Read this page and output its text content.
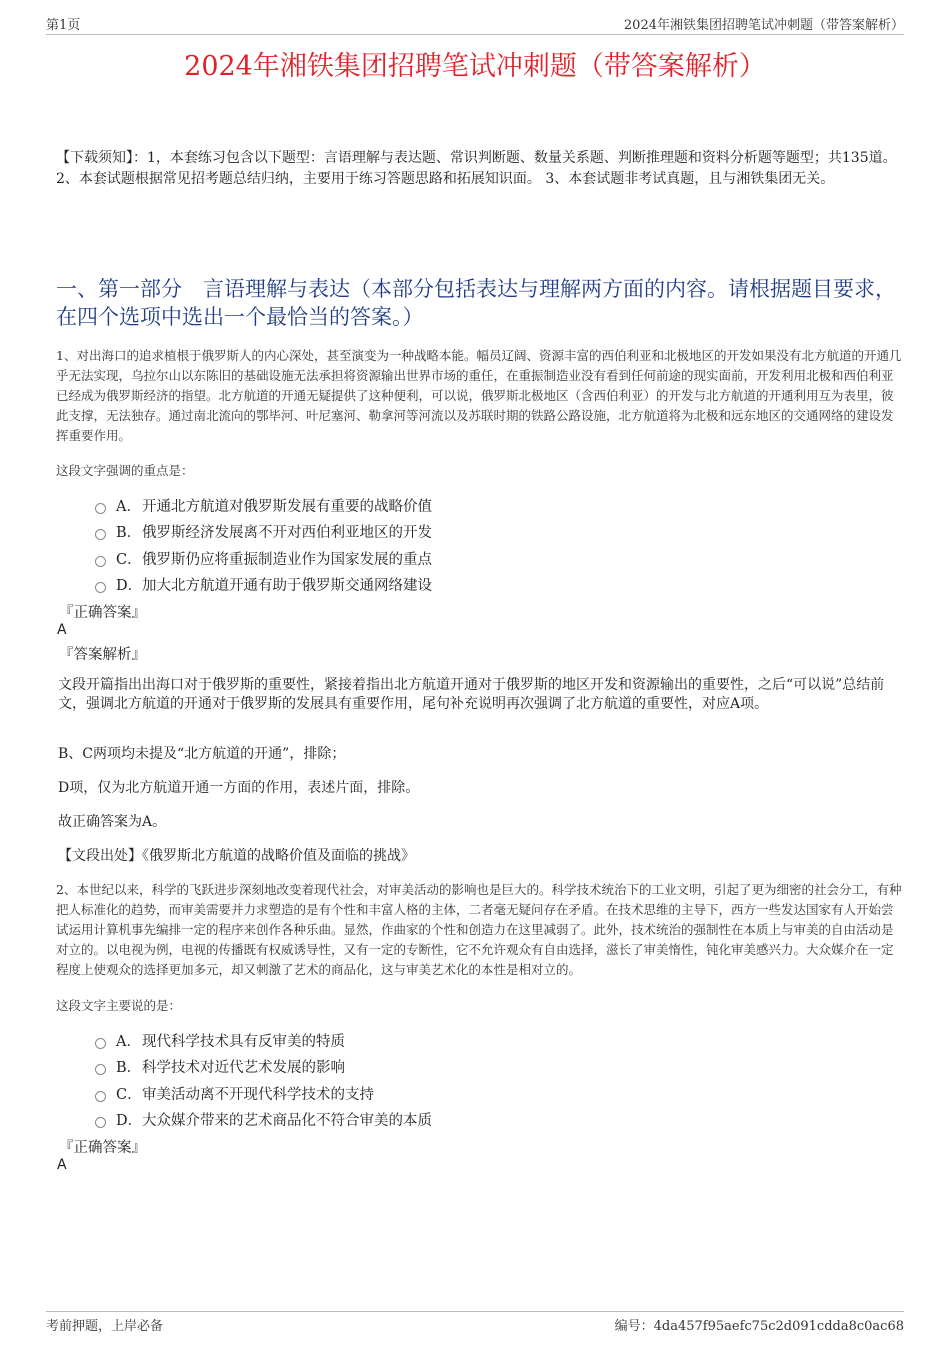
第1页	2024年湘铁集团招聘笔试冲刺题（带答案解析）
2024年湘铁集团招聘笔试冲刺题（带答案解析）
【下载须知】：1，本套练习包含以下题型：言语理解与表达题、常识判断题、数量关系题、判断推理题和资料分析题等题型；共135道。 2、本套试题根据常见招考题总结归纳，主要用于练习答题思路和拓展知识面。 3、本套试题非考试真题，且与湘铁集团无关。
一、第一部分　言语理解与表达（本部分包括表达与理解两方面的内容。请根据题目要求，在四个选项中选出一个最恰当的答案。）
1、对出海口的追求植根于俄罗斯人的内心深处，甚至演变为一种战略本能。幅员辽阔、资源丰富的西伯利亚和北极地区的开发如果没有北方航道的开通几乎无法实现，乌拉尔山以东陈旧的基础设施无法承担将资源输出世界市场的重任，在重振制造业没有看到任何前途的现实面前，开发利用北极和西伯利亚已经成为俄罗斯经济的指望。北方航道的开通无疑提供了这种便利，可以说，俄罗斯北极地区（含西伯利亚）的开发与北方航道的开通利用互为表里，彼此支撑，无法独存。通过南北流向的鄂毕河、叶尼塞河、勒拿河等河流以及苏联时期的铁路公路设施，北方航道将为北极和远东地区的交通网络的建设发挥重要作用。
这段文字强调的重点是：
A． 开通北方航道对俄罗斯发展有重要的战略价值
B． 俄罗斯经济发展离不开对西伯利亚地区的开发
C． 俄罗斯仍应将重振制造业作为国家发展的重点
D． 加大北方航道开通有助于俄罗斯交通网络建设
『正确答案』
A
『答案解析』
文段开篇指出出海口对于俄罗斯的重要性，紧接着指出北方航道开通对于俄罗斯的地区开发和资源输出的重要性，之后“可以说”总结前文，强调北方航道的开通对于俄罗斯的发展具有重要作用，尾句补充说明再次强调了北方航道的重要性，对应A项。
B、C两项均未提及“北方航道的开通”，排除；
D项，仅为北方航道开通一方面的作用，表述片面，排除。
故正确答案为A。
【文段出处】《俄罗斯北方航道的战略价值及面临的挑战》
2、本世纪以来，科学的飞跃进步深刻地改变着现代社会，对审美活动的影响也是巨大的。科学技术统治下的工业文明，引起了更为细密的社会分工，有种把人标准化的趋势，而审美需要并力求塑造的是有个性和丰富人格的主体，二者毫无疑问存在矛盾。在技术思维的主导下，西方一些发达国家有人开始尝试运用计算机事先编排一定的程序来创作各种乐曲。显然，作曲家的个性和创造力在这里减弱了。此外，技术统治的强制性在本质上与审美的自由活动是对立的。以电视为例，电视的传播既有权威诱导性，又有一定的专断性，它不允许观众有自由选择，滋长了审美惰性，钝化审美感兴力。大众媒介在一定程度上使观众的选择更加多元，却又刺激了艺术的商品化，这与审美艺术化的本性是相对立的。
这段文字主要说的是：
A． 现代科学技术具有反审美的特质
B． 科学技术对近代艺术发展的影响
C． 审美活动离不开现代科学技术的支持
D． 大众媒介带来的艺术商品化不符合审美的本质
『正确答案』
A
考前押题，上岸必备	编号：4da457f95aefc75c2d091cdda8c0ac68
